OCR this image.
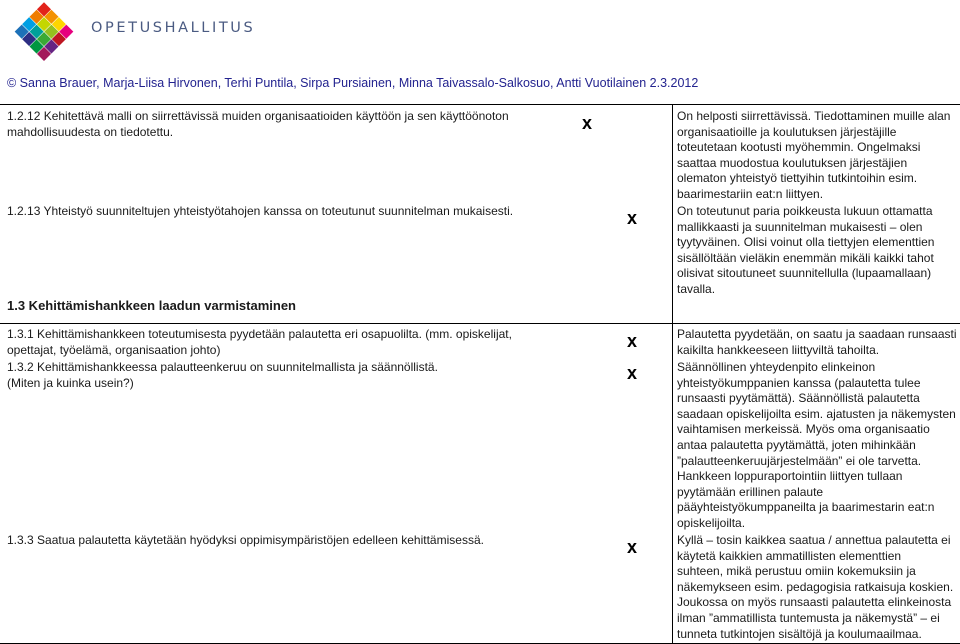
OPETUSHALLITUS
© Sanna Brauer, Marja-Liisa Hirvonen, Terhi Puntila, Sirpa Pursiainen, Minna Taivassalo-Salkosuo, Antti Vuotilainen 2.3.2012
1.2.12 Kehitettävä malli on siirrettävissä muiden organisaatioiden käyttöön ja sen käyttöönoton
mahdollisuudesta on tiedotettu.	x	On helposti siirrettävissä. Tiedottaminen muille alan
organisaatioille ja koulutuksen järjestäjille
toteutetaan kootusti myöhemmin. Ongelmaksi
saattaa muodostua koulutuksen järjestäjien
olematon yhteistyö tiettyihin tutkintoihin esim.
baarimestariin eat:n liittyen.
1.2.13 Yhteistyö suunniteltujen yhteistyötahojen kanssa on toteutunut suunnitelman mukaisesti.	x	On toteutunut paria poikkeusta lukuun ottamatta
mallikkaasti ja suunnitelman mukaisesti – olen
tyytyväinen. Olisi voinut olla tiettyjen elementtien
sisällöltään vieläkin enemmän mikäli kaikki tahot
olisivat sitoutuneet suunnitellulla (lupaamallaan)
tavalla.
1.3 Kehittämishankkeen laadun varmistaminen
1.3.1 Kehittämishankkeen toteutumisesta pyydetään palautetta eri osapuolilta. (mm. opiskelijat,
opettajat, työelämä, organisaation johto)	x	Palautetta pyydetään, on saatu ja saadaan runsaasti
kaikilta hankkeeseen liittyviltä tahoilta.
1.3.2 Kehittämishankkeessa palautteenkeruu on suunnitelmallista ja säännöllistä.
(Miten ja kuinka usein?)	x	Säännöllinen yhteydenpito elinkeinon
yhteistyökumppanien kanssa (palautetta tulee
runsaasti pyytämättä). Säännöllistä palautetta
saadaan opiskelijoilta esim. ajatusten ja näkemysten
vaihtamisen merkeissä. Myös oma organisaatio
antaa palautetta pyytämättä, joten mihinkään
”palautteenkeruujärjestelmään” ei ole tarvetta.
Hankkeen loppuraportointiin liittyen tullaan
pyytämään erillinen palaute
pääyhteistyökumppaneilta ja baarimestarin eat:n
opiskelijoilta.
1.3.3 Saatua palautetta käytetään hyödyksi oppimisympäristöjen edelleen kehittämisessä.	x	Kyllä – tosin kaikkea saatua / annettua palautetta ei
käytetä kaikkien ammatillisten elementtien
suhteen, mikä perustuu omiin kokemuksiin ja
näkemykseen esim. pedagogisia ratkaisuja koskien.
Joukossa on myös runsaasti palautetta elinkeinosta
ilman ”ammatillista tuntemusta ja näkemystä” – ei
tunneta tutkintojen sisältöjä ja koulumaailmaa.
